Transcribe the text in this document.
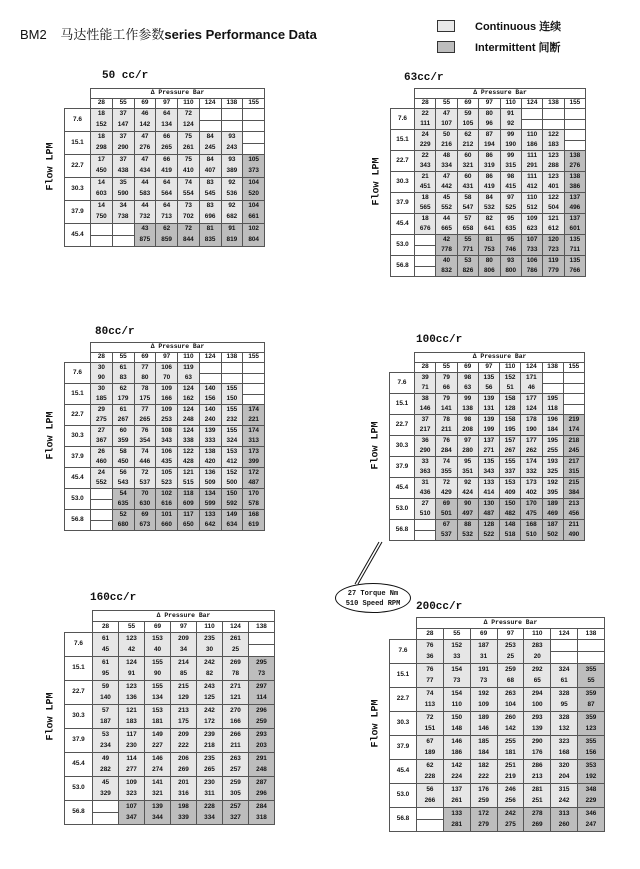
BM2 马达性能工作参数series Performance Data	Continuous 连续
Intermittent 间断
50 cc/r
	Δ Pressure Bar							
	28	55	69	97	110	124	138	155
7.6	18	37	46	64	72			
	152	147	142	134	124			
15.1	18	37	47	66	75	84	93	
	298	290	276	265	261	245	243	
22.7	17	37	47	66	75	84	93	105
	450	438	434	419	410	407	389	373
30.3	14	35	44	64	74	83	92	104
	603	590	583	564	554	545	536	520
37.9	14	34	44	64	73	83	92	104
	750	738	732	713	702	696	682	661
45.4			43	62	72	81	91	102
			875	859	844	835	819	804
Flow LPM
63cc/r
	Δ Pressure Bar							
	28	55	69	97	110	124	138	155
7.6	22	47	59	80	91			
	111	107	105	96	92			
15.1	24	50	62	87	99	110	122	
	229	216	212	194	190	186	183	
22.7	22	48	60	86	99	111	123	138
	343	334	321	319	315	291	288	276
30.3	21	47	60	86	98	111	123	138
	451	442	431	419	415	412	401	386
37.9	18	45	58	84	97	110	122	137
	565	552	547	532	525	512	504	496
45.4	18	44	57	82	95	109	121	137
	676	665	658	641	635	623	612	601
53.0		42	55	81	95	107	120	135
		778	771	753	746	733	723	711
56.8		40	53	80	93	106	119	135
		832	826	806	800	786	779	766
Flow LPM
80cc/r
	Δ Pressure Bar							
	28	55	69	97	110	124	138	155
7.6	30	61	77	106	119			
	90	83	80	70	63			
15.1	30	62	78	109	124	140	155	
	185	179	175	166	162	156	150	
22.7	29	61	77	109	124	140	155	174
	275	267	265	253	248	240	232	221
30.3	27	60	76	108	124	139	155	174
	367	359	354	343	338	333	324	313
37.9	26	58	74	106	122	138	153	173
	460	450	446	435	428	420	412	399
45.4	24	56	72	105	121	136	152	172
	552	543	537	523	515	509	500	487
53.0		54	70	102	118	134	150	170
		635	630	616	609	599	592	578
56.8		52	69	101	117	133	149	168
		680	673	660	650	642	634	619
Flow LPM
100cc/r
	Δ Pressure Bar							
	28	55	69	97	110	124	138	155
7.6	39	79	98	135	152	171		
	71	66	63	56	51	46		
15.1	38	79	99	139	158	177	195	
	146	141	138	131	128	124	118	
22.7	37	78	98	139	158	178	196	219
	217	211	208	199	195	190	184	174
30.3	36	76	97	137	157	177	195	218
	290	284	280	271	267	262	255	245
37.9	33	74	95	135	155	174	193	217
	363	355	351	343	337	332	325	315
45.4	31	72	92	133	153	173	192	215
	436	429	424	414	409	402	395	384
53.0	27	69	90	130	150	170	189	213
	510	501	497	487	482	475	469	456
56.8		67	88	128	148	168	187	211
		537	532	522	518	510	502	490
Flow LPM
160cc/r
	Δ Pressure Bar						
	28	55	69	97	110	124	138
7.6	61	123	153	209	235	261	
	45	42	40	34	30	25	
15.1	61	124	155	214	242	269	295
	95	91	90	85	82	78	73
22.7	59	123	155	215	243	271	297
	140	136	134	129	125	121	114
30.3	57	121	153	213	242	270	296
	187	183	181	175	172	166	259
37.9	53	117	149	209	239	266	293
	234	230	227	222	218	211	203
45.4	49	114	146	206	235	263	291
	282	277	274	269	265	257	248
53.0	45	109	141	201	230	259	287
	329	323	321	316	311	305	296
56.8		107	139	198	228	257	284
		347	344	339	334	327	318
Flow LPM
200cc/r
	Δ Pressure Bar						
	28	55	69	97	110	124	138
7.6	76	152	187	253	283		
	36	33	31	25	20		
15.1	76	154	191	259	292	324	355
	77	73	73	68	65	61	55
22.7	74	154	192	263	294	328	359
	113	110	109	104	100	95	87
30.3	72	150	189	260	293	328	359
	151	148	146	142	139	132	123
37.9	67	146	185	255	290	323	355
	189	186	184	181	176	168	156
45.4	62	142	182	251	286	320	353
	228	224	222	219	213	204	192
53.0	56	137	176	246	281	315	348
	266	261	259	256	251	242	229
56.8		133	172	242	278	313	346
		281	279	275	269	260	247
Flow LPM
27 Torque Nm
510 Speed RPM
